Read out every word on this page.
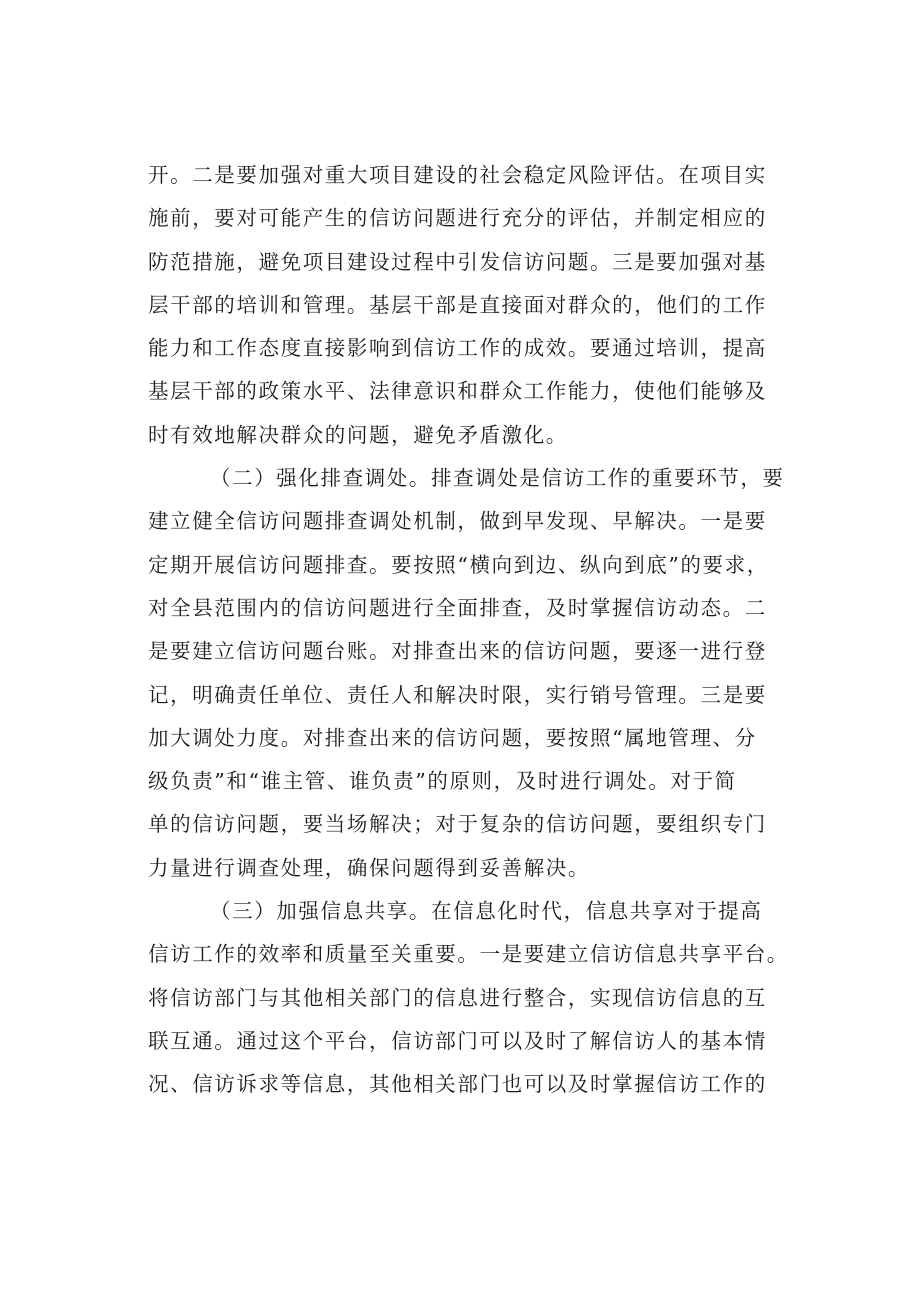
开。二是要加强对重大项目建设的社会稳定风险评估。在项目实
施前，要对可能产生的信访问题进行充分的评估，并制定相应的
防范措施，避免项目建设过程中引发信访问题。三是要加强对基
层干部的培训和管理。基层干部是直接面对群众的，他们的工作
能力和工作态度直接影响到信访工作的成效。要通过培训，提高
基层干部的政策水平、法律意识和群众工作能力，使他们能够及
时有效地解决群众的问题，避免矛盾激化。
（二）强化排查调处。排查调处是信访工作的重要环节，要
建立健全信访问题排查调处机制，做到早发现、早解决。一是要
定期开展信访问题排查。要按照“横向到边、纵向到底”的要求，
对全县范围内的信访问题进行全面排查，及时掌握信访动态。二
是要建立信访问题台账。对排查出来的信访问题，要逐一进行登
记，明确责任单位、责任人和解决时限，实行销号管理。三是要
加大调处力度。对排查出来的信访问题，要按照“属地管理、分
级负责”和“谁主管、谁负责”的原则，及时进行调处。对于简
单的信访问题，要当场解决；对于复杂的信访问题，要组织专门
力量进行调查处理，确保问题得到妥善解决。
（三）加强信息共享。在信息化时代，信息共享对于提高
信访工作的效率和质量至关重要。一是要建立信访信息共享平台。
将信访部门与其他相关部门的信息进行整合，实现信访信息的互
联互通。通过这个平台，信访部门可以及时了解信访人的基本情
况、信访诉求等信息，其他相关部门也可以及时掌握信访工作的
